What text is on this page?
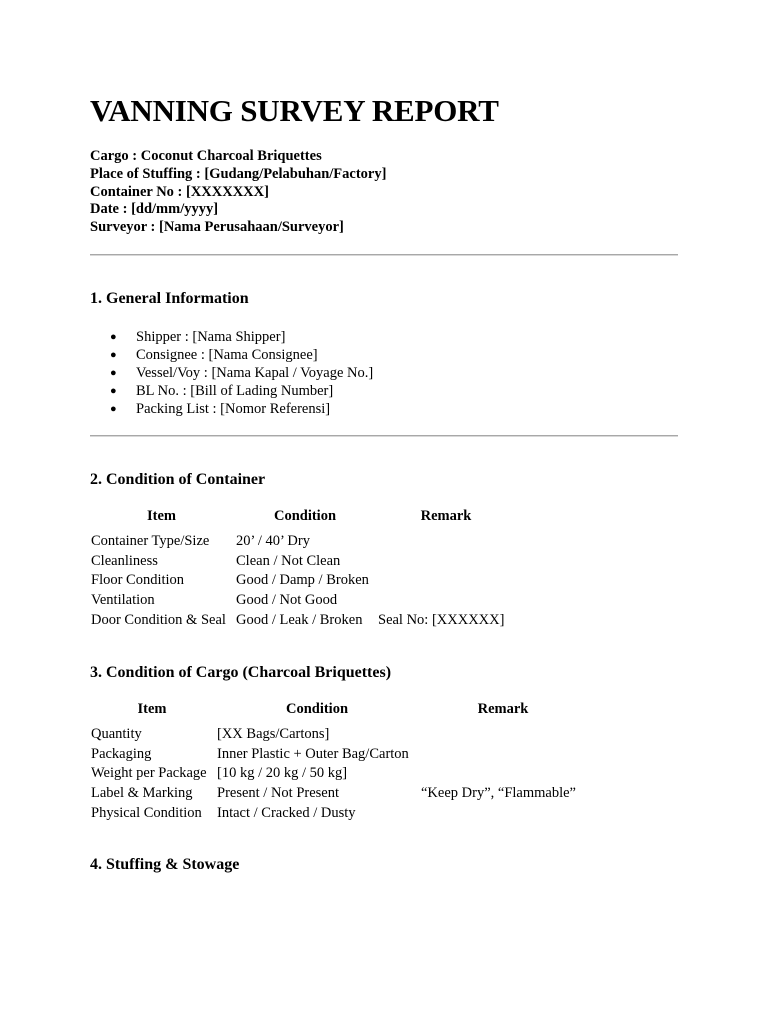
VANNING SURVEY REPORT
Cargo : Coconut Charcoal Briquettes
Place of Stuffing : [Gudang/Pelabuhan/Factory]
Container No : [XXXXXXX]
Date : [dd/mm/yyyy]
Surveyor : [Nama Perusahaan/Surveyor]
1. General Information
● Shipper : [Nama Shipper]
● Consignee : [Nama Consignee]
● Vessel/Voy : [Nama Kapal / Voyage No.]
● BL No. : [Bill of Lading Number]
● Packing List : [Nomor Referensi]
2. Condition of Container
Item	Condition	Remark
Container Type/Size	20’ / 40’ Dry	
Cleanliness	Clean / Not Clean	
Floor Condition	Good / Damp / Broken	
Ventilation	Good / Not Good	
Door Condition & Seal	Good / Leak / Broken	Seal No: [XXXXXX]
3. Condition of Cargo (Charcoal Briquettes)
Item	Condition	Remark
Quantity	[XX Bags/Cartons]	
Packaging	Inner Plastic + Outer Bag/Carton	
Weight per Package	[10 kg / 20 kg / 50 kg]	
Label & Marking	Present / Not Present	“Keep Dry”, “Flammable”
Physical Condition	Intact / Cracked / Dusty	
4. Stuffing & Stowage
